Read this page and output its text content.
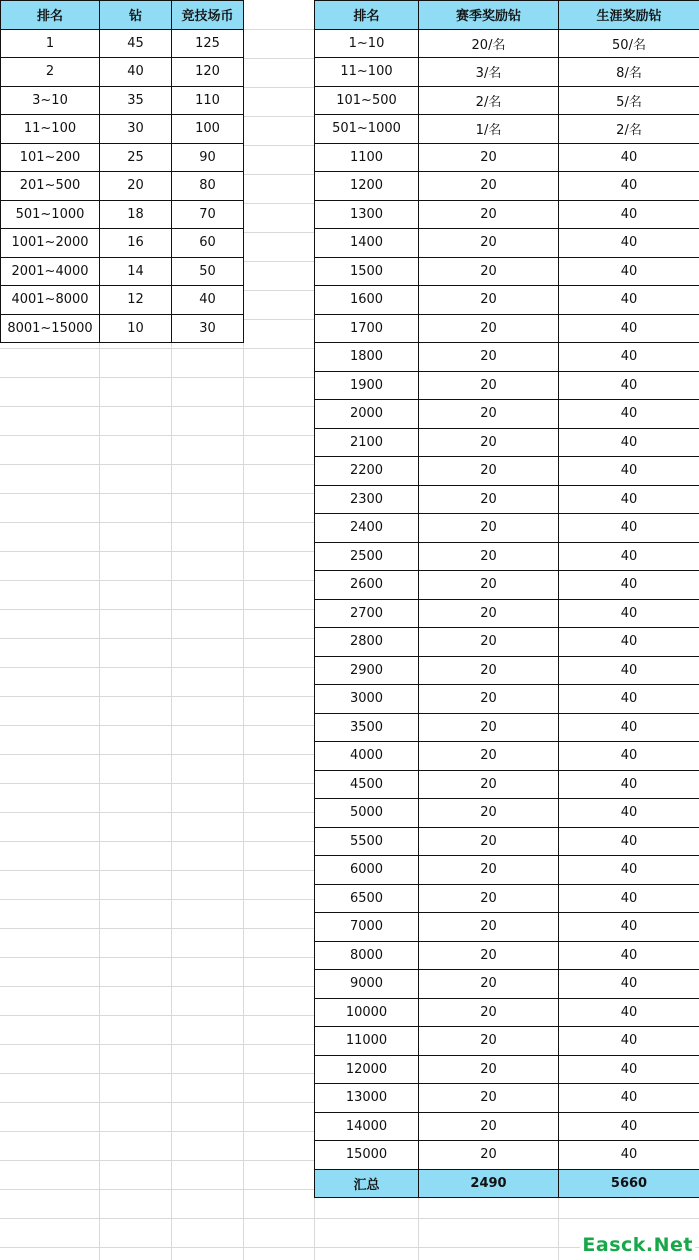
排名	钻	竞技场币
1	45	125
2	40	120
3~10	35	110
11~100	30	100
101~200	25	90
201~500	20	80
501~1000	18	70
1001~2000	16	60
2001~4000	14	50
4001~8000	12	40
8001~15000	10	30
排名	赛季奖励钻	生涯奖励钻
1~10	20/名	50/名
11~100	3/名	8/名
101~500	2/名	5/名
501~1000	1/名	2/名
1100	20	40
1200	20	40
1300	20	40
1400	20	40
1500	20	40
1600	20	40
1700	20	40
1800	20	40
1900	20	40
2000	20	40
2100	20	40
2200	20	40
2300	20	40
2400	20	40
2500	20	40
2600	20	40
2700	20	40
2800	20	40
2900	20	40
3000	20	40
3500	20	40
4000	20	40
4500	20	40
5000	20	40
5500	20	40
6000	20	40
6500	20	40
7000	20	40
8000	20	40
9000	20	40
10000	20	40
11000	20	40
12000	20	40
13000	20	40
14000	20	40
15000	20	40
汇总	2490	5660
Easck.Net
